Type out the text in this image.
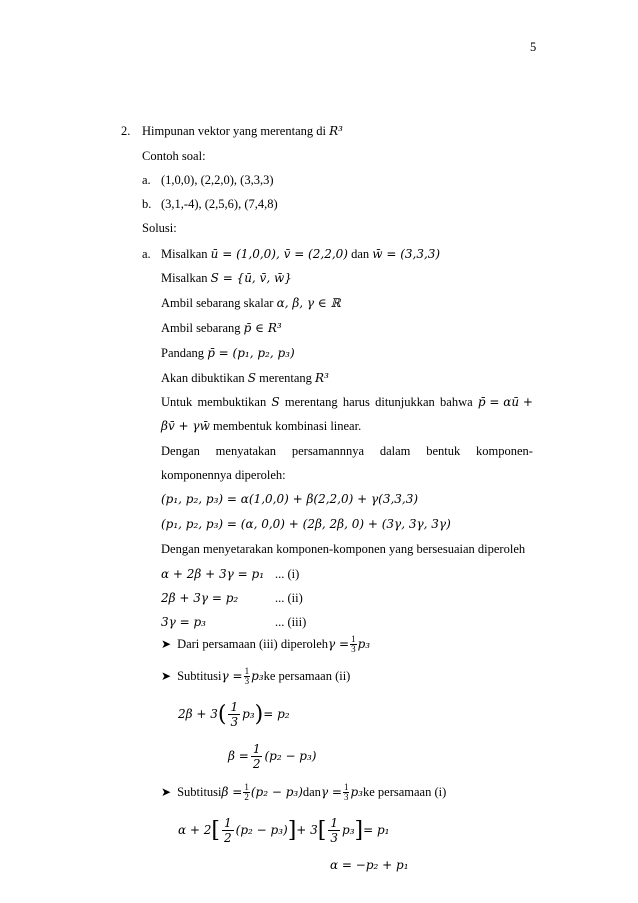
5
2. Himpunan vektor yang merentang di R³
Contoh soal:
a. (1,0,0), (2,2,0), (3,3,3)
b. (3,1,-4), (2,5,6), (7,4,8)
Solusi:
a. Misalkan ū = (1,0,0), v̄ = (2,2,0) dan w̄ = (3,3,3)
Misalkan S = {ū, v̄, w̄}
Ambil sebarang skalar α, β, γ ∈ ℝ
Ambil sebarang p̄ ∈ R³
Pandang p̄ = (p₁, p₂, p₃)
Akan dibuktikan S merentang R³
Untuk membuktikan S merentang harus ditunjukkan bahwa p̄ = αū +
βv̄ + γw̄ membentuk kombinasi linear.
Dengan menyatakan persamannnya dalam bentuk komponen-
komponennya diperoleh:
(p₁, p₂, p₃) = α(1,0,0) + β(2,2,0) + γ(3,3,3)
(p₁, p₂, p₃) = (α, 0,0) + (2β, 2β, 0) + (3γ, 3γ, 3γ)
Dengan menyetarakan komponen-komponen yang bersesuaian diperoleh
α + 2β + 3γ = p₁ ... (i)
2β + 3γ = p₂	... (ii)
3γ = p₃	... (iii)
➤ Dari persamaan (iii) diperoleh $\gamma = \frac{1}{3} p_3$
➤ Subtitusi $\gamma = \frac{1}{3} p_3$ ke persamaan (ii)
2β + 3 ( $\frac{1}{3} p_3$ ) = p₂
$\beta = \frac{1}{2} (p_2 - p_3)$
➤ Subtitusi $\beta = \frac{1}{2} (p_2 - p_3)$ dan $\gamma = \frac{1}{3} p_3$ ke persamaan (i)
α + 2 [ $\frac{1}{2} (p_2 - p_3)$ ] + 3 [ $\frac{1}{3} p_3$ ] = p₁
α = −p₂ + p₁
